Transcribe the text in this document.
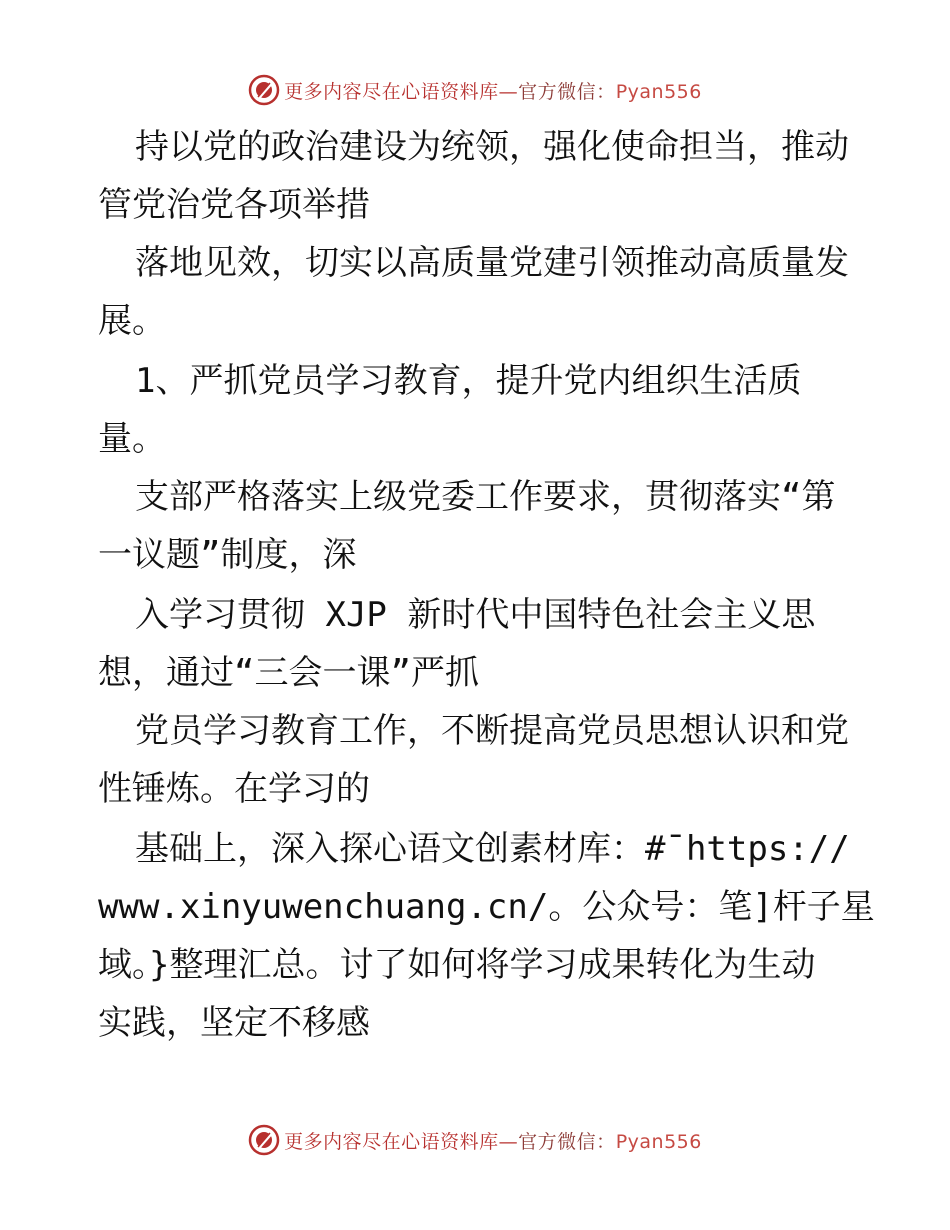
更多内容尽在心语资料库—官方微信：Pyan556
持以党的政治建设为统领，强化使命担当，推动
管党治党各项举措
落地见效，切实以高质量党建引领推动高质量发
展。
1、严抓党员学习教育，提升党内组织生活质
量。
支部严格落实上级党委工作要求，贯彻落实“第
一议题”制度，深
入学习贯彻 XJP 新时代中国特色社会主义思
想，通过“三会一课”严抓
党员学习教育工作，不断提高党员思想认识和党
性锤炼。在学习的
基础上，深入探心语文创素材库：#¯https://
www.xinyuwenchuang.cn/。公众号：笔]杆子星
域。}整理汇总。讨了如何将学习成果转化为生动
实践，坚定不移感
更多内容尽在心语资料库—官方微信：Pyan556
